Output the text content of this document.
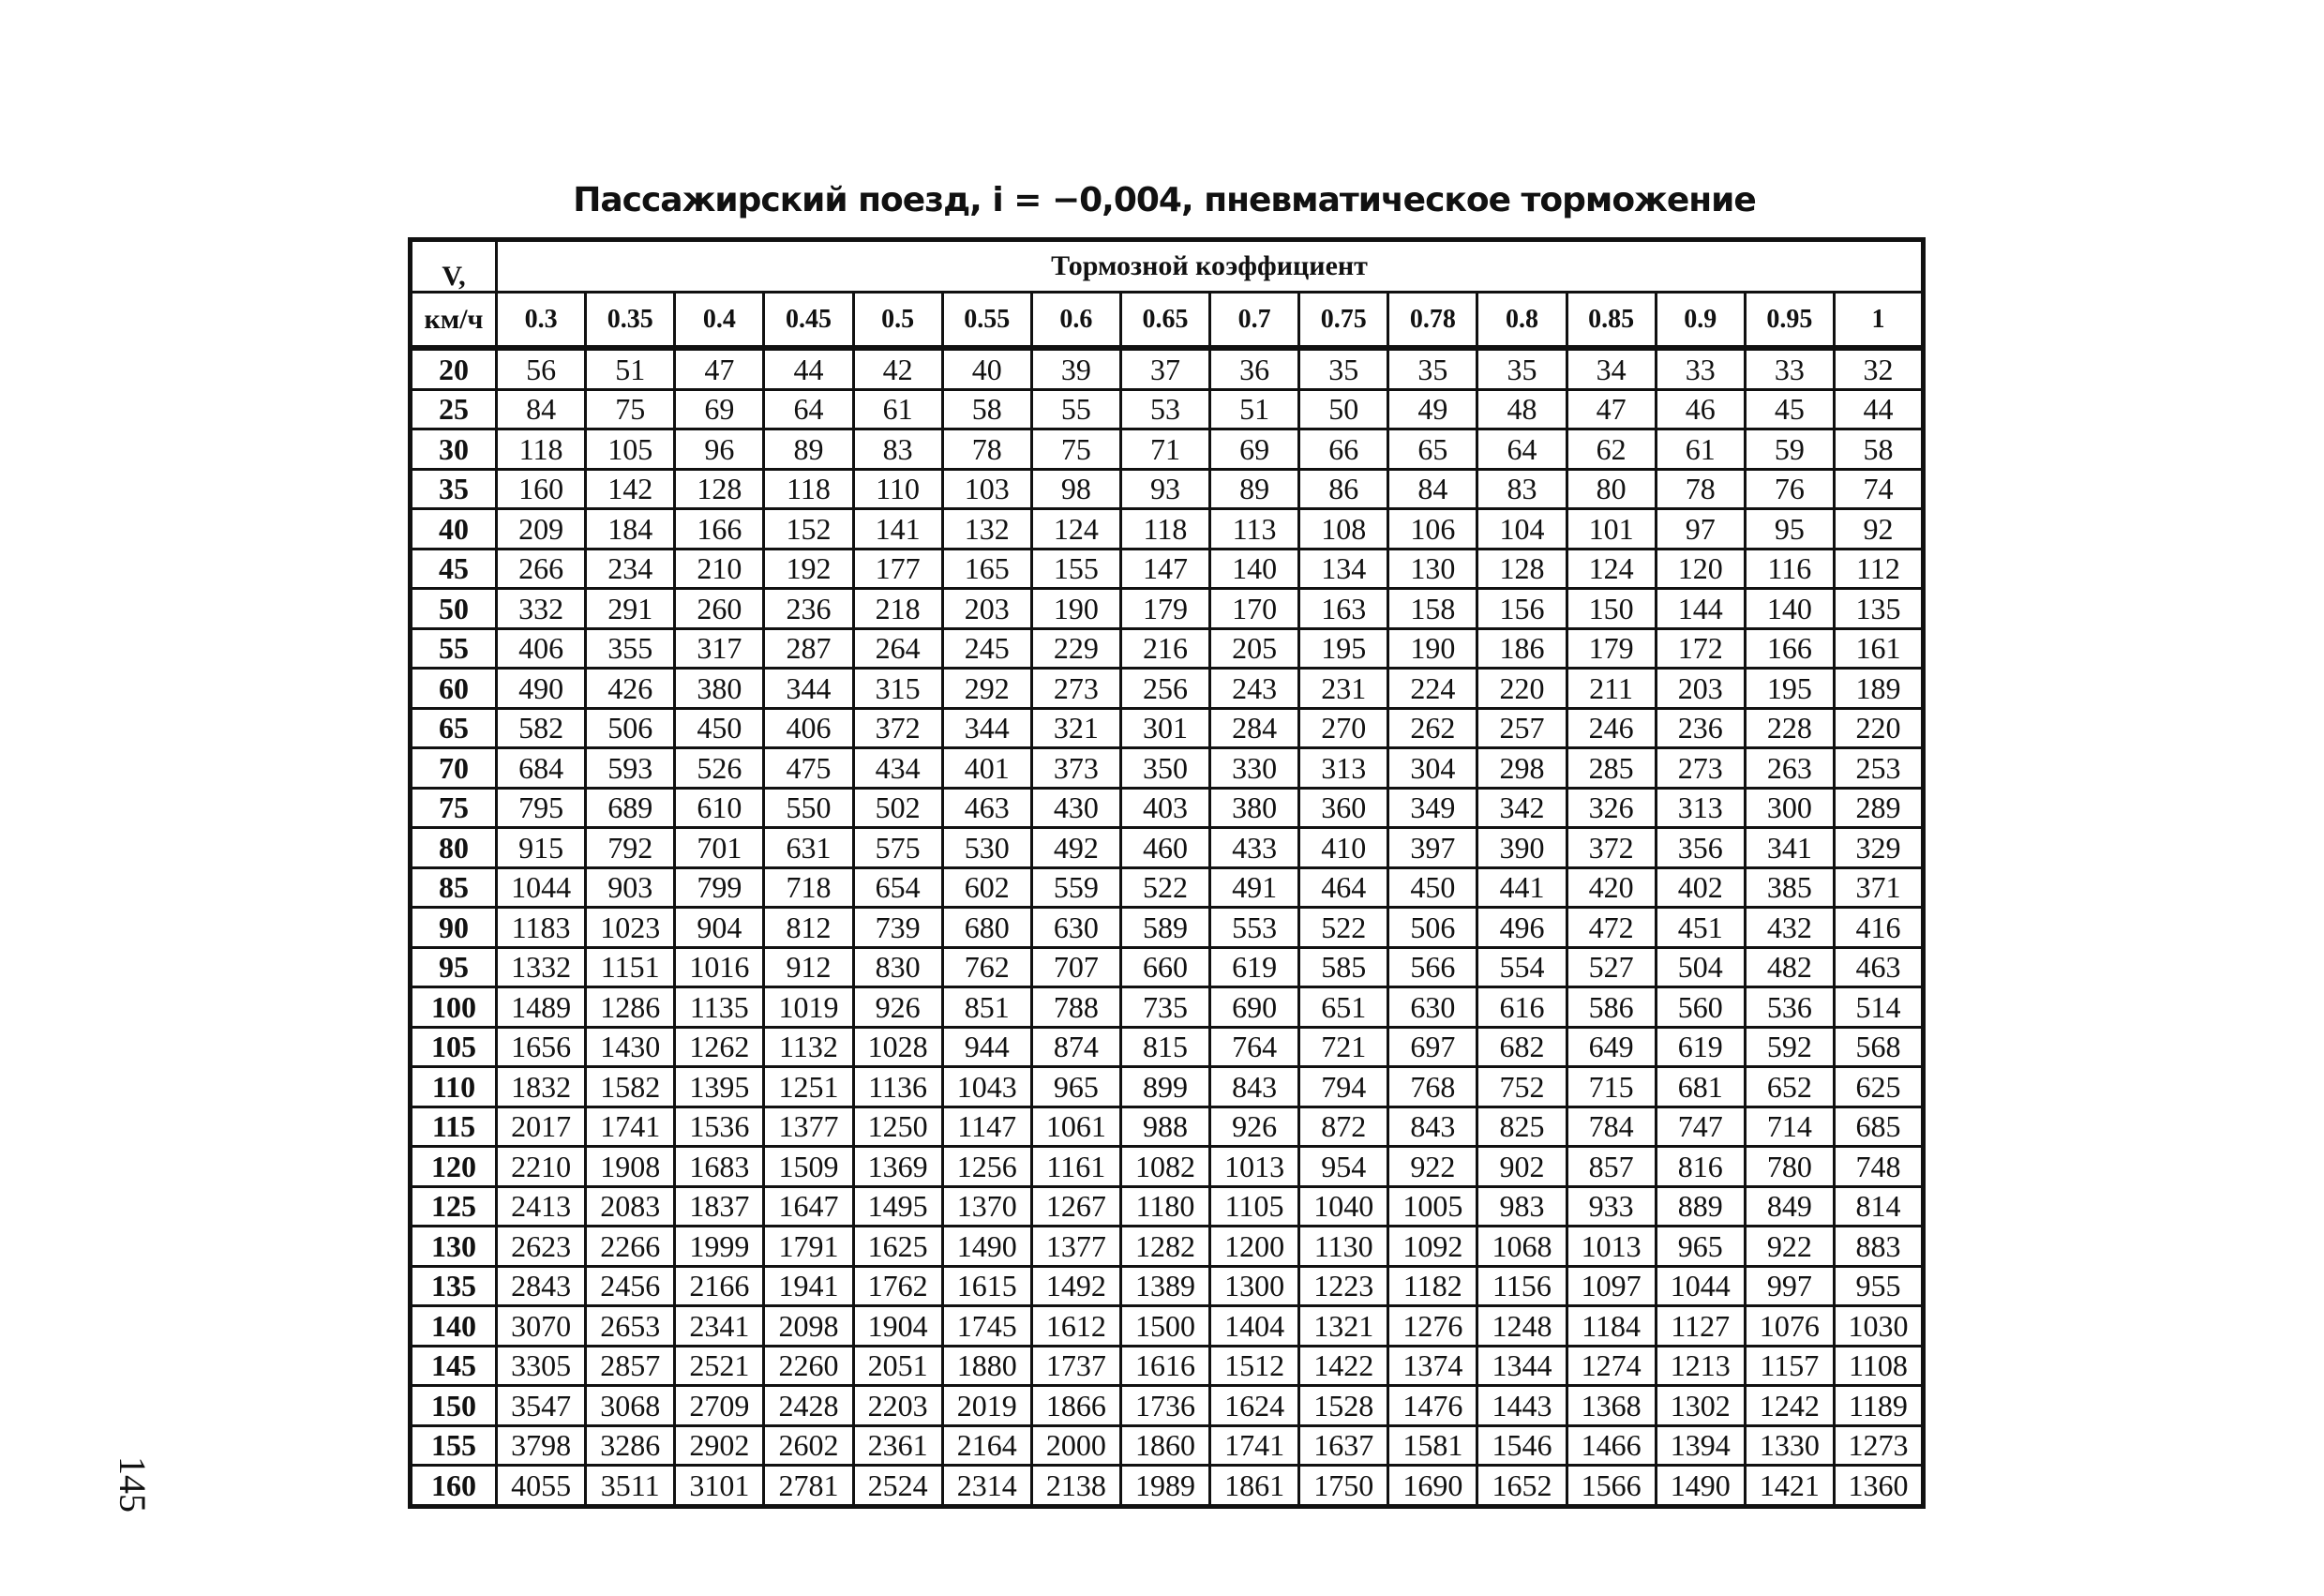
Пассажирский поезд, i = −0,004, пневматическое торможение
V,	Тормозной коэффициент															
км/ч	0.3	0.35	0.4	0.45	0.5	0.55	0.6	0.65	0.7	0.75	0.78	0.8	0.85	0.9	0.95	1
20	56	51	47	44	42	40	39	37	36	35	35	35	34	33	33	32
25	84	75	69	64	61	58	55	53	51	50	49	48	47	46	45	44
30	118	105	96	89	83	78	75	71	69	66	65	64	62	61	59	58
35	160	142	128	118	110	103	98	93	89	86	84	83	80	78	76	74
40	209	184	166	152	141	132	124	118	113	108	106	104	101	97	95	92
45	266	234	210	192	177	165	155	147	140	134	130	128	124	120	116	112
50	332	291	260	236	218	203	190	179	170	163	158	156	150	144	140	135
55	406	355	317	287	264	245	229	216	205	195	190	186	179	172	166	161
60	490	426	380	344	315	292	273	256	243	231	224	220	211	203	195	189
65	582	506	450	406	372	344	321	301	284	270	262	257	246	236	228	220
70	684	593	526	475	434	401	373	350	330	313	304	298	285	273	263	253
75	795	689	610	550	502	463	430	403	380	360	349	342	326	313	300	289
80	915	792	701	631	575	530	492	460	433	410	397	390	372	356	341	329
85	1044	903	799	718	654	602	559	522	491	464	450	441	420	402	385	371
90	1183	1023	904	812	739	680	630	589	553	522	506	496	472	451	432	416
95	1332	1151	1016	912	830	762	707	660	619	585	566	554	527	504	482	463
100	1489	1286	1135	1019	926	851	788	735	690	651	630	616	586	560	536	514
105	1656	1430	1262	1132	1028	944	874	815	764	721	697	682	649	619	592	568
110	1832	1582	1395	1251	1136	1043	965	899	843	794	768	752	715	681	652	625
115	2017	1741	1536	1377	1250	1147	1061	988	926	872	843	825	784	747	714	685
120	2210	1908	1683	1509	1369	1256	1161	1082	1013	954	922	902	857	816	780	748
125	2413	2083	1837	1647	1495	1370	1267	1180	1105	1040	1005	983	933	889	849	814
130	2623	2266	1999	1791	1625	1490	1377	1282	1200	1130	1092	1068	1013	965	922	883
135	2843	2456	2166	1941	1762	1615	1492	1389	1300	1223	1182	1156	1097	1044	997	955
140	3070	2653	2341	2098	1904	1745	1612	1500	1404	1321	1276	1248	1184	1127	1076	1030
145	3305	2857	2521	2260	2051	1880	1737	1616	1512	1422	1374	1344	1274	1213	1157	1108
150	3547	3068	2709	2428	2203	2019	1866	1736	1624	1528	1476	1443	1368	1302	1242	1189
155	3798	3286	2902	2602	2361	2164	2000	1860	1741	1637	1581	1546	1466	1394	1330	1273
160	4055	3511	3101	2781	2524	2314	2138	1989	1861	1750	1690	1652	1566	1490	1421	1360
145
